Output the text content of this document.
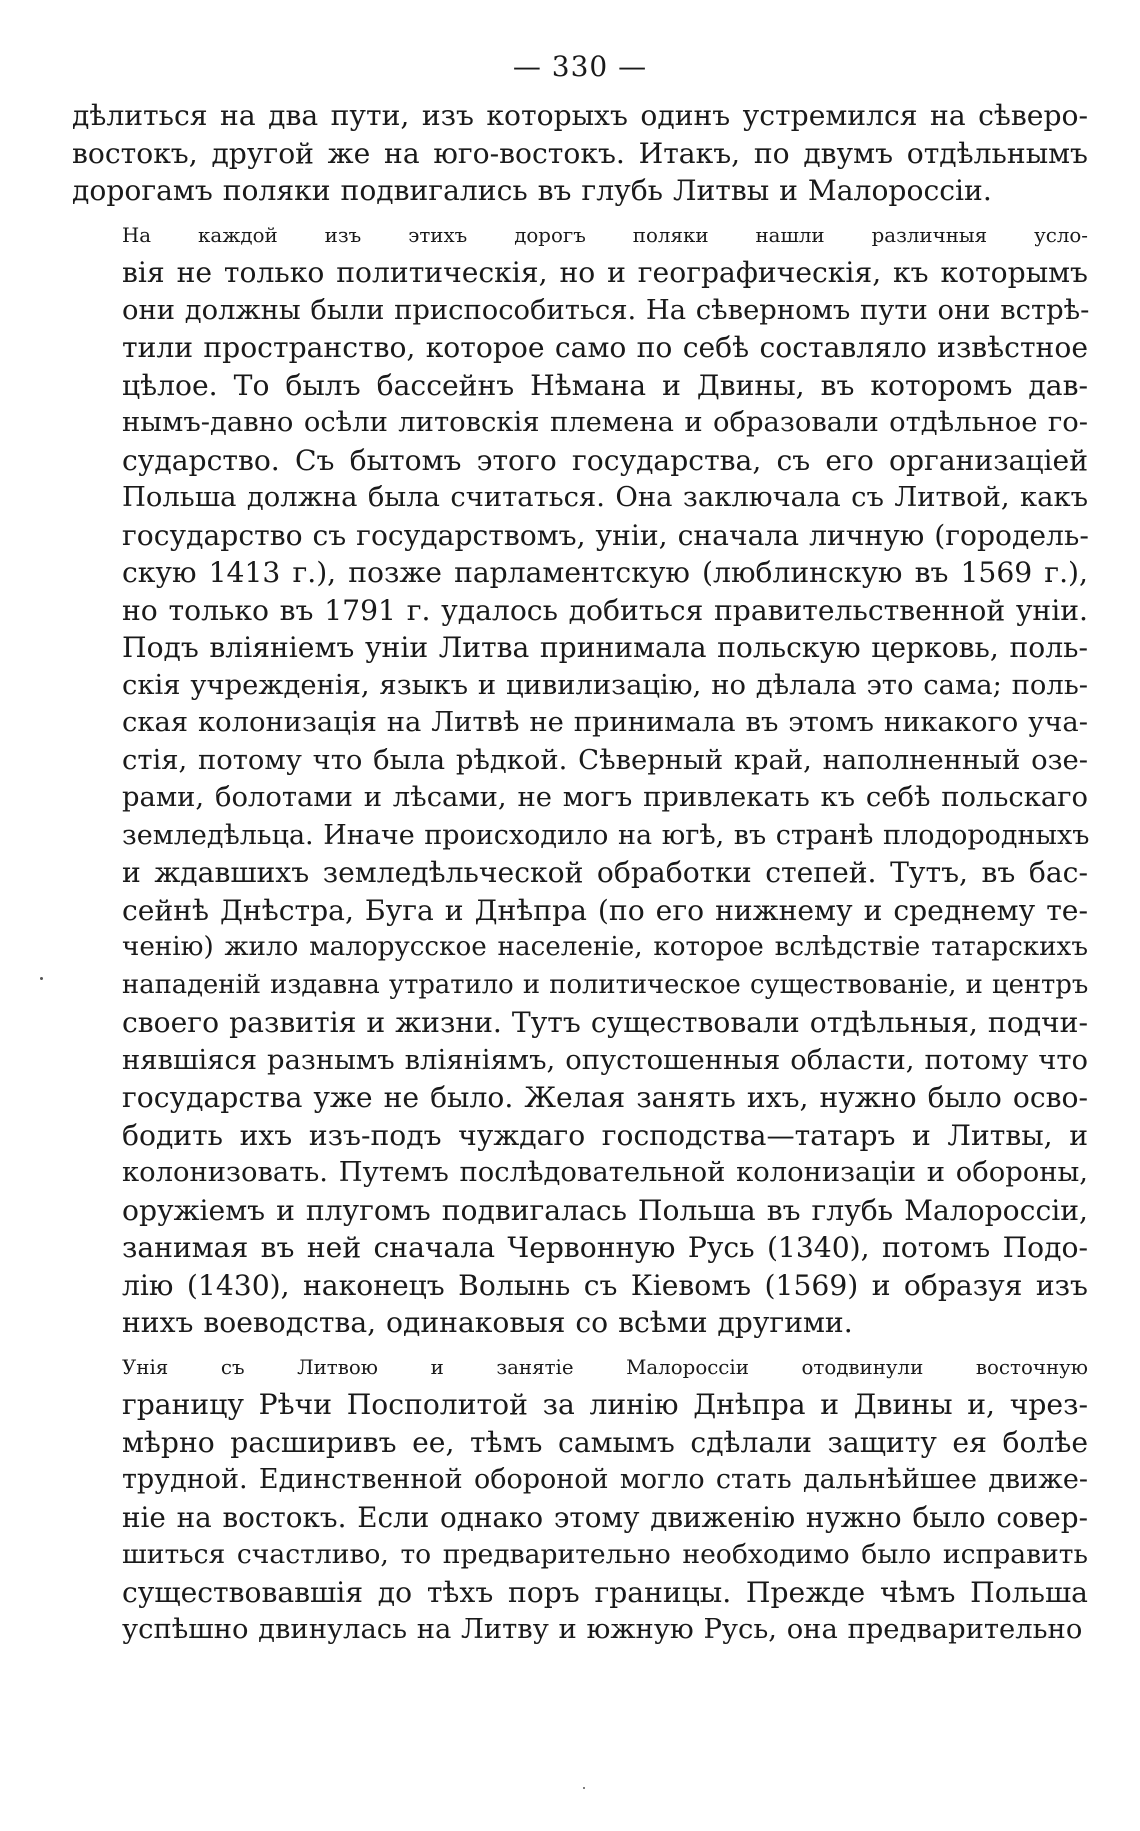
— 330 —

дѣлиться на два пути, изъ которыхъ одинъ устремился на сѣверо-
востокъ, другой же на юго-востокъ. Итакъ, по двумъ отдѣльнымъ
дорогамъ поляки подвигались въ глубь Литвы и Малороссіи.

На каждой изъ этихъ дорогъ поляки нашли различныя усло-
вія не только политическія, но и географическія, къ которымъ
они должны были приспособиться. На сѣверномъ пути они встрѣ-
тили пространство, которое само по себѣ составляло извѣстное
цѣлое. То былъ бассейнъ Нѣмана и Двины, въ которомъ дав-
нымъ-давно осѣли литовскія племена и образовали отдѣльное го-
сударство. Съ бытомъ этого государства, съ его организаціей
Польша должна была считаться. Она заключала съ Литвой, какъ
государство съ государствомъ, уніи, сначала личную (городель-
скую 1413 г.), позже парламентскую (люблинскую въ 1569 г.),
но только въ 1791 г. удалось добиться правительственной уніи.
Подъ вліяніемъ уніи Литва принимала польскую церковь, поль-
скія учрежденія, языкъ и цивилизацію, но дѣлала это сама; поль-
ская колонизація на Литвѣ не принимала въ этомъ никакого уча-
стія, потому что была рѣдкой. Сѣверный край, наполненный озе-
рами, болотами и лѣсами, не могъ привлекать къ себѣ польскаго
земледѣльца. Иначе происходило на югѣ, въ странѣ плодородныхъ
и ждавшихъ земледѣльческой обработки степей. Тутъ, въ бас-
сейнѣ Днѣстра, Буга и Днѣпра (по его нижнему и среднему те-
ченію) жило малорусское населеніе, которое вслѣдствіе татарскихъ
нападеній издавна утратило и политическое существованіе, и центръ
своего развитія и жизни. Тутъ существовали отдѣльныя, подчи-
нявшіяся разнымъ вліяніямъ, опустошенныя области, потому что
государства уже не было. Желая занять ихъ, нужно было осво-
бодить ихъ изъ-подъ чуждаго господства—татаръ и Литвы, и
колонизовать. Путемъ послѣдовательной колонизаціи и обороны,
оружіемъ и плугомъ подвигалась Польша въ глубь Малороссіи,
занимая въ ней сначала Червонную Русь (1340), потомъ Подо-
лію (1430), наконецъ Волынь съ Кіевомъ (1569) и образуя изъ
нихъ воеводства, одинаковыя со всѣми другими.

Унія съ Литвою и занятіе Малороссіи отодвинули восточную
границу Рѣчи Посполитой за линію Днѣпра и Двины и, чрез-
мѣрно расширивъ ее, тѣмъ самымъ сдѣлали защиту ея болѣе
трудной. Единственной обороной могло стать дальнѣйшее движе-
ніе на востокъ. Если однако этому движенію нужно было совер-
шиться счастливо, то предварительно необходимо было исправить
существовавшія до тѣхъ поръ границы. Прежде чѣмъ Польша
успѣшно двинулась на Литву и южную Русь, она предварительно
